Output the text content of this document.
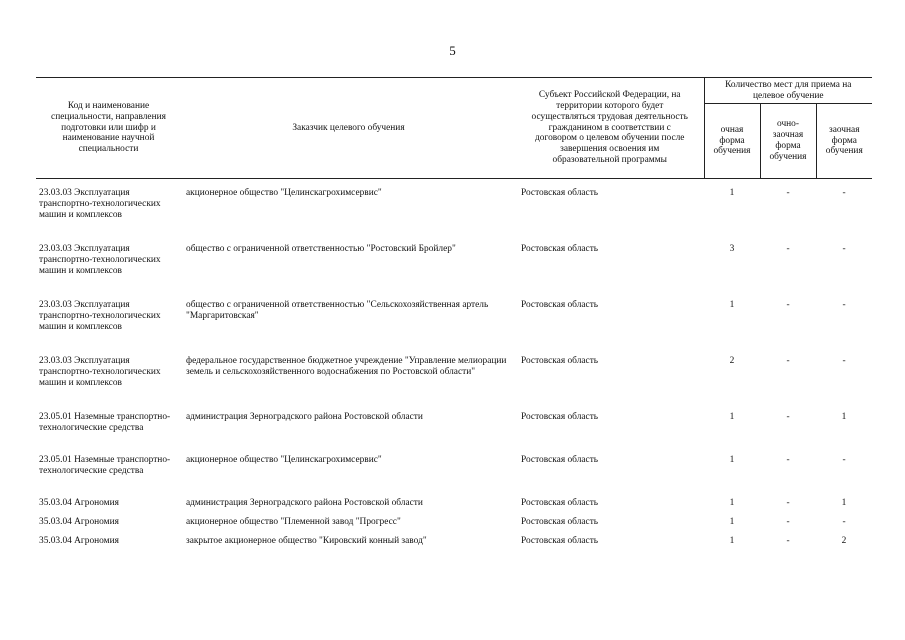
5
Код и наименование специальности, направления подготовки или шифр и наименование научной специальности	Заказчик целевого обучения	Субъект Российской Федерации, на территории которого будет осуществляться трудовая деятельность гражданином в соответствии с договором о целевом обучении после завершения освоения им образовательной программы	Количество мест для приема на целевое обучение		
			очная форма обучения	очно-заочная форма обучения	заочная форма обучения

23.03.03 Эксплуатация транспортно-технологических машин и комплексов	акционерное общество "Целинскагрохимсервис"	Ростовская область	1	-	-
23.03.03 Эксплуатация транспортно-технологических машин и комплексов	общество с ограниченной ответственностью "Ростовский Бройлер"	Ростовская область	3	-	-
23.03.03 Эксплуатация транспортно-технологических машин и комплексов	общество с ограниченной ответственностью "Сельскохозяйственная артель "Маргаритовская"	Ростовская область	1	-	-
23.03.03 Эксплуатация транспортно-технологических машин и комплексов	федеральное государственное бюджетное учреждение "Управление мелиорации земель и сельскохозяйственного водоснабжения по Ростовской области"	Ростовская область	2	-	-
23.05.01 Наземные транспортно-технологические средства	администрация Зерноградского района Ростовской области	Ростовская область	1	-	1
23.05.01 Наземные транспортно-технологические средства	акционерное общество "Целинскагрохимсервис"	Ростовская область	1	-	-
35.03.04 Агрономия	администрация Зерноградского района Ростовской области	Ростовская область	1	-	1
35.03.04 Агрономия	акционерное общество "Племенной завод "Прогресс"	Ростовская область	1	-	-
35.03.04 Агрономия	закрытое акционерное общество "Кировский конный завод"	Ростовская область	1	-	2
